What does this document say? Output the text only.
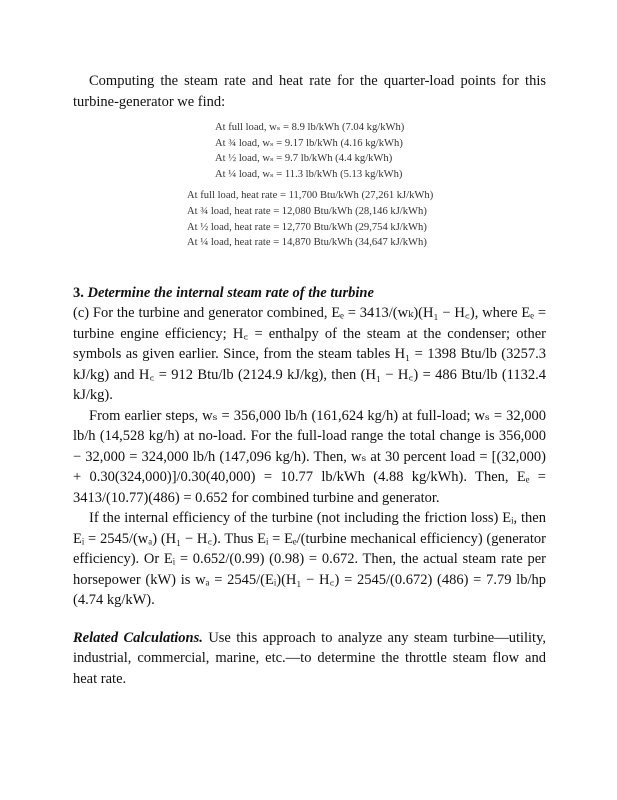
Computing the steam rate and heat rate for the quarter-load points for this turbine-generator we find:

At full load, wₛ = 8.9 lb/kWh (7.04 kg/kWh)
At ¾ load, wₛ = 9.17 lb/kWh (4.16 kg/kWh)
At ½ load, wₛ = 9.7 lb/kWh (4.4 kg/kWh)
At ¼ load, wₛ = 11.3 lb/kWh (5.13 kg/kWh)
At full load, heat rate = 11,700 Btu/kWh (27,261 kJ/kWh)
At ¾ load, heat rate = 12,080 Btu/kWh (28,146 kJ/kWh)
At ½ load, heat rate = 12,770 Btu/kWh (29,754 kJ/kWh)
At ¼ load, heat rate = 14,870 Btu/kWh (34,647 kJ/kWh)

3. Determine the internal steam rate of the turbine

(c) For the turbine and generator combined, Eₑ = 3413/(wₖ)(H₁ − H꜀), where Eₑ = turbine engine efficiency; H꜀ = enthalpy of the steam at the condenser; other symbols as given earlier. Since, from the steam tables H₁ = 1398 Btu/lb (3257.3 kJ/kg) and H꜀ = 912 Btu/lb (2124.9 kJ/kg), then (H₁ − H꜀) = 486 Btu/lb (1132.4 kJ/kg).

From earlier steps, wₛ = 356,000 lb/h (161,624 kg/h) at full-load; wₛ = 32,000 lb/h (14,528 kg/h) at no-load. For the full-load range the total change is 356,000 − 32,000 = 324,000 lb/h (147,096 kg/h). Then, wₛ at 30 percent load = [(32,000) + 0.30(324,000)]/0.30(40,000) = 10.77 lb/kWh (4.88 kg/kWh). Then, Eₑ = 3413/(10.77)(486) = 0.652 for combined turbine and generator.

If the internal efficiency of the turbine (not including the friction loss) Eᵢ, then Eᵢ = 2545/(wₐ) (H₁ − H꜀). Thus Eᵢ = Eₑ/(turbine mechanical efficiency) (generator efficiency). Or Eᵢ = 0.652/(0.99) (0.98) = 0.672. Then, the actual steam rate per horsepower (kW) is wₐ = 2545/(Eᵢ)(H₁ − H꜀) = 2545/(0.672) (486) = 7.79 lb/hp (4.74 kg/kW).

Related Calculations. Use this approach to analyze any steam turbine—utility, industrial, commercial, marine, etc.—to determine the throttle steam flow and heat rate.
